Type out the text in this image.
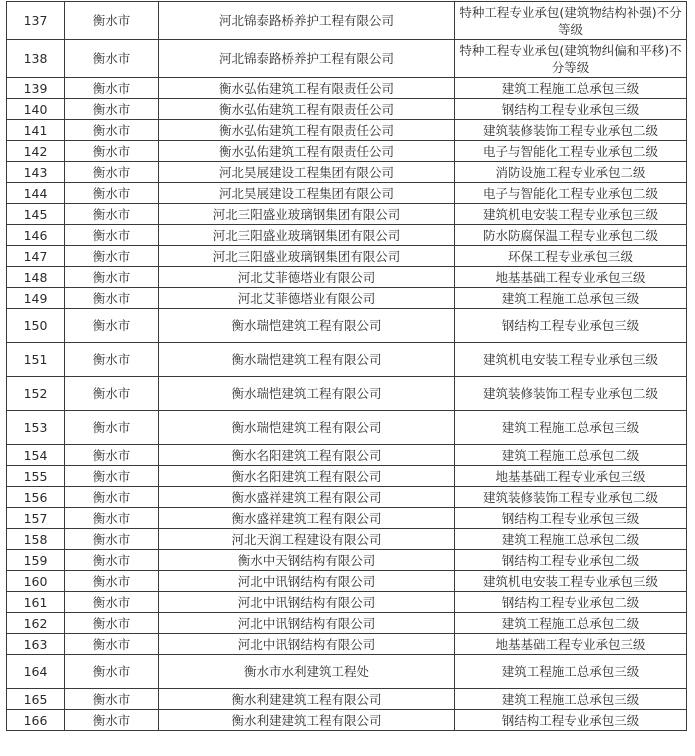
137	衡水市	河北锦泰路桥养护工程有限公司	特种工程专业承包(建筑物结构补强)不分等级
138	衡水市	河北锦泰路桥养护工程有限公司	特种工程专业承包(建筑物纠偏和平移)不分等级
139	衡水市	衡水弘佑建筑工程有限责任公司	建筑工程施工总承包三级
140	衡水市	衡水弘佑建筑工程有限责任公司	钢结构工程专业承包三级
141	衡水市	衡水弘佑建筑工程有限责任公司	建筑装修装饰工程专业承包二级
142	衡水市	衡水弘佑建筑工程有限责任公司	电子与智能化工程专业承包二级
143	衡水市	河北昊展建设工程集团有限公司	消防设施工程专业承包二级
144	衡水市	河北昊展建设工程集团有限公司	电子与智能化工程专业承包二级
145	衡水市	河北三阳盛业玻璃钢集团有限公司	建筑机电安装工程专业承包三级
146	衡水市	河北三阳盛业玻璃钢集团有限公司	防水防腐保温工程专业承包二级
147	衡水市	河北三阳盛业玻璃钢集团有限公司	环保工程专业承包三级
148	衡水市	河北艾菲德塔业有限公司	地基基础工程专业承包三级
149	衡水市	河北艾菲德塔业有限公司	建筑工程施工总承包三级
150	衡水市	衡水瑞恺建筑工程有限公司	钢结构工程专业承包三级
151	衡水市	衡水瑞恺建筑工程有限公司	建筑机电安装工程专业承包三级
152	衡水市	衡水瑞恺建筑工程有限公司	建筑装修装饰工程专业承包二级
153	衡水市	衡水瑞恺建筑工程有限公司	建筑工程施工总承包三级
154	衡水市	衡水名阳建筑工程有限公司	建筑工程施工总承包二级
155	衡水市	衡水名阳建筑工程有限公司	地基基础工程专业承包三级
156	衡水市	衡水盛祥建筑工程有限公司	建筑装修装饰工程专业承包二级
157	衡水市	衡水盛祥建筑工程有限公司	钢结构工程专业承包三级
158	衡水市	河北天润工程建设有限公司	建筑工程施工总承包二级
159	衡水市	衡水中天钢结构有限公司	钢结构工程专业承包二级
160	衡水市	河北中讯钢结构有限公司	建筑机电安装工程专业承包三级
161	衡水市	河北中讯钢结构有限公司	钢结构工程专业承包二级
162	衡水市	河北中讯钢结构有限公司	建筑工程施工总承包二级
163	衡水市	河北中讯钢结构有限公司	地基基础工程专业承包三级
164	衡水市	衡水市水利建筑工程处	建筑工程施工总承包三级
165	衡水市	衡水利建建筑工程有限公司	建筑工程施工总承包三级
166	衡水市	衡水利建建筑工程有限公司	钢结构工程专业承包三级
